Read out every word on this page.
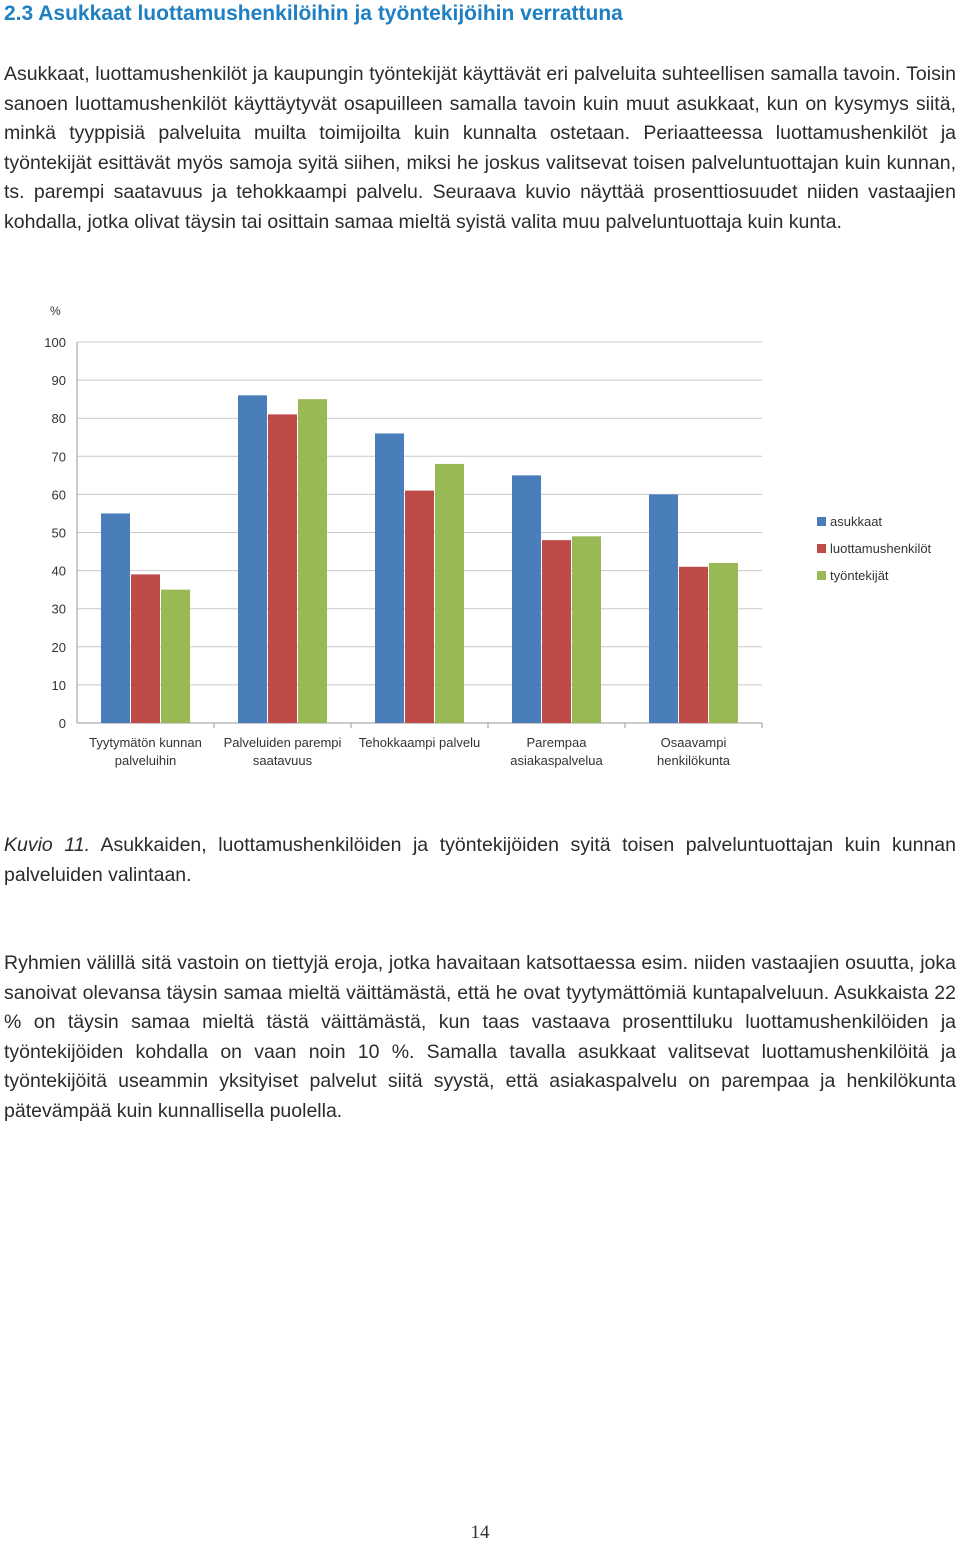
2.3 Asukkaat luottamushenkilöihin ja työntekijöihin verrattuna

Asukkaat, luottamushenkilöt ja kaupungin työntekijät käyttävät eri palveluita suhteellisen samalla tavoin. Toisin sanoen luottamushenkilöt käyttäytyvät osapuilleen samalla tavoin kuin muut asukkaat, kun on kysymys siitä, minkä tyyppisiä palveluita muilta toimijoilta kuin kunnalta ostetaan. Periaatteessa luottamushenkilöt ja työntekijät esittävät myös samoja syitä siihen, miksi he joskus valitsevat toisen palveluntuottajan kuin kunnan, ts. parempi saatavuus ja tehokkaampi palvelu. Seuraava kuvio näyttää prosenttiosuudet niiden vastaajien kohdalla, jotka olivat täysin tai osittain samaa mieltä syistä valita muu palveluntuottaja kuin kunta.

%
0
10
20
30
40
50
60
70
80
90
100
Tyytymätön kunnan
palveluihin
Palveluiden parempi
saatavuus
Tehokkaampi palvelu	Parempaa
asiakaspalvelua
Osaavampi
henkilökunta
asukkaat
luottamushenkilöt
työntekijät

Kuvio 11. Asukkaiden, luottamushenkilöiden ja työntekijöiden syitä toisen palveluntuottajan kuin kunnan palveluiden valintaan.

Ryhmien välillä sitä vastoin on tiettyjä eroja, jotka havaitaan katsottaessa esim. niiden vastaajien osuutta, joka sanoivat olevansa täysin samaa mieltä väittämästä, että he ovat tyytymättömiä kuntapalveluun. Asukkaista 22 % on täysin samaa mieltä tästä väittämästä, kun taas vastaava prosenttiluku luottamushenkilöiden ja työntekijöiden kohdalla on vaan noin 10 %. Samalla tavalla asukkaat valitsevat luottamushenkilöitä ja työntekijöitä useammin yksityiset palvelut siitä syystä, että asiakaspalvelu on parempaa ja henkilökunta pätevämpää kuin kunnallisella puolella.

14
